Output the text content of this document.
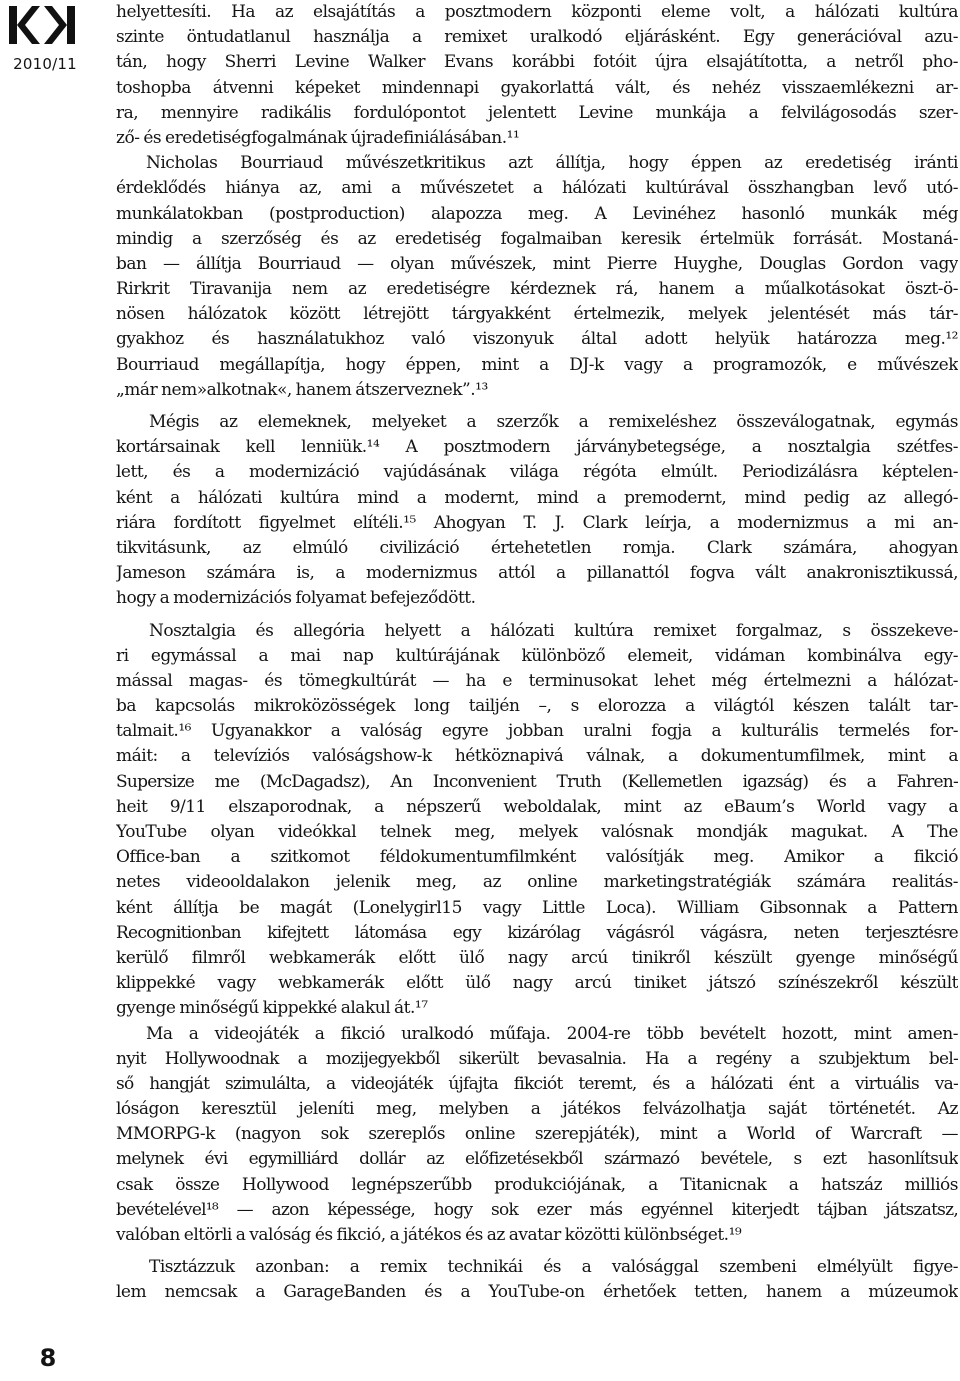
2010/11
8
helyettesíti. Ha az elsajátítás a posztmodern központi eleme volt, a hálózati kultúra
szinte öntudatlanul használja a remixet uralkodó eljárásként. Egy generációval azu-
tán, hogy Sherri Levine Walker Evans korábbi fotóit újra elsajátította, a netről pho-
toshopba átvenni képeket mindennapi gyakorlattá vált, és nehéz visszaemlékezni ar-
ra, mennyire radikális fordulópontot jelentett Levine munkája a felvilágosodás szer-
ző- és eredetiségfogalmának újradefiniálásában.¹¹
Nicholas Bourriaud művészetkritikus azt állítja, hogy éppen az eredetiség iránti
érdeklődés hiánya az, ami a művészetet a hálózati kultúrával összhangban levő utó-
munkálatokban (postproduction) alapozza meg. A Levinéhez hasonló munkák még
mindig a szerzőség és az eredetiség fogalmaiban keresik értelmük forrását. Mostaná-
ban — állítja Bourriaud — olyan művészek, mint Pierre Huyghe, Douglas Gordon vagy
Rirkrit Tiravanija nem az eredetiségre kérdeznek rá, hanem a műalkotásokat öszt-ö-
nösen hálózatok között létrejött tárgyakként értelmezik, melyek jelentését más tár-
gyakhoz és használatukhoz való viszonyuk által adott helyük határozza meg.¹²
Bourriaud megállapítja, hogy éppen, mint a DJ-k vagy a programozók, e művészek
„már nem»alkotnak«, hanem átszerveznek”.¹³
Mégis az elemeknek, melyeket a szerzők a remixeléshez összeválogatnak, egymás
kortársainak kell lenniük.¹⁴ A posztmodern járványbetegsége, a nosztalgia szétfes-
lett, és a modernizáció vajúdásának világa régóta elmúlt. Periodizálásra képtelen-
ként a hálózati kultúra mind a modernt, mind a premodernt, mind pedig az allegó-
riára fordított figyelmet elítéli.¹⁵ Ahogyan T. J. Clark leírja, a modernizmus a mi an-
tikvitásunk, az elmúló civilizáció értehetetlen romja. Clark számára, ahogyan
Jameson számára is, a modernizmus attól a pillanattól fogva vált anakronisztikussá,
hogy a modernizációs folyamat befejeződött.
Nosztalgia és allegória helyett a hálózati kultúra remixet forgalmaz, s összekeve-
ri egymással a mai nap kultúrájának különböző elemeit, vidáman kombinálva egy-
mással magas- és tömegkultúrát — ha e terminusokat lehet még értelmezni a hálózat-
ba kapcsolás mikroközösségek long tailjén –, s elorozza a világtól készen talált tar-
talmait.¹⁶ Ugyanakkor a valóság egyre jobban uralni fogja a kulturális termelés for-
máit: a televíziós valóságshow-k hétköznapivá válnak, a dokumentumfilmek, mint a
Supersize me (McDagadsz), An Inconvenient Truth (Kellemetlen igazság) és a Fahren-
heit 9/11 elszaporodnak, a népszerű weboldalak, mint az eBaum’s World vagy a
YouTube olyan videókkal telnek meg, melyek valósnak mondják magukat. A The
Office-ban a szitkomot féldokumentumfilmként valósítják meg. Amikor a fikció
netes videooldalakon jelenik meg, az online marketingstratégiák számára realitás-
ként állítja be magát (Lonelygirl15 vagy Little Loca). William Gibsonnak a Pattern
Recognitionban kifejtett látomása egy kizárólag vágásról vágásra, neten terjesztésre
kerülő filmről webkamerák előtt ülő nagy arcú tinikről készült gyenge minőségű
klippekké vagy webkamerák előtt ülő nagy arcú tiniket játszó színészekről készült
gyenge minőségű kippekké alakul át.¹⁷
Ma a videojáték a fikció uralkodó műfaja. 2004-re több bevételt hozott, mint amen-
nyit Hollywoodnak a mozijegyekből sikerült bevasalnia. Ha a regény a szubjektum bel-
ső hangját szimulálta, a videojáték újfajta fikciót teremt, és a hálózati ént a virtuális va-
lóságon keresztül jeleníti meg, melyben a játékos felvázolhatja saját történetét. Az
MMORPG-k (nagyon sok szereplős online szerepjáték), mint a World of Warcraft —
melynek évi egymilliárd dollár az előfizetésekből származó bevétele, s ezt hasonlítsuk
csak össze Hollywood legnépszerűbb produkciójának, a Titanicnak a hatszáz milliós
bevételével¹⁸ — azon képessége, hogy sok ezer más egyénnel kiterjedt tájban játszatsz,
valóban eltörli a valóság és fikció, a játékos és az avatar közötti különbséget.¹⁹
Tisztázzuk azonban: a remix technikái és a valósággal szembeni elmélyült figye-
lem nemcsak a GarageBanden és a YouTube-on érhetőek tetten, hanem a múzeumok
